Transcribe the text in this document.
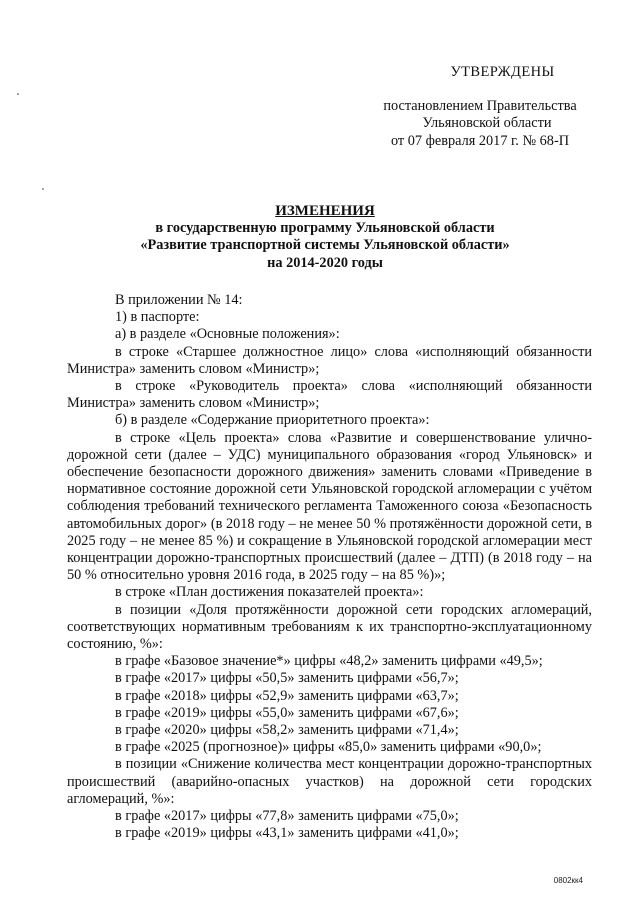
УТВЕРЖДЕНЫ
постановлением Правительства
Ульяновской области
от 07 февраля 2017 г. № 68-П
ИЗМЕНЕНИЯ
в государственную программу Ульяновской области
«Развитие транспортной системы Ульяновской области»
на 2014-2020 годы
В приложении № 14:
1) в паспорте:
а) в разделе «Основные положения»:
в строке «Старшее должностное лицо» слова «исполняющий обязанности Министра» заменить словом «Министр»;
в строке «Руководитель проекта» слова «исполняющий обязанности Министра» заменить словом «Министр»;
б) в разделе «Содержание приоритетного проекта»:
в строке «Цель проекта» слова «Развитие и совершенствование улично-дорожной сети (далее – УДС) муниципального образования «город Ульяновск» и обеспечение безопасности дорожного движения» заменить словами «Приведение в нормативное состояние дорожной сети Ульяновской городской агломерации с учётом соблюдения требований технического регламента Таможенного союза «Безопасность автомобильных дорог» (в 2018 году – не менее 50 % протяжённости дорожной сети, в 2025 году – не менее 85 %) и сокращение в Ульяновской городской агломерации мест концентрации дорожно-транспортных происшествий (далее – ДТП) (в 2018 году – на 50 % относительно уровня 2016 года, в 2025 году – на 85 %)»;
в строке «План достижения показателей проекта»:
в позиции «Доля протяжённости дорожной сети городских агломераций, соответствующих нормативным требованиям к их транспортно-эксплуатационному состоянию, %»:
в графе «Базовое значение*» цифры «48,2» заменить цифрами «49,5»;
в графе «2017» цифры «50,5» заменить цифрами «56,7»;
в графе «2018» цифры «52,9» заменить цифрами «63,7»;
в графе «2019» цифры «55,0» заменить цифрами «67,6»;
в графе «2020» цифры «58,2» заменить цифрами «71,4»;
в графе «2025 (прогнозное)» цифры «85,0» заменить цифрами «90,0»;
в позиции «Снижение количества мест концентрации дорожно-транспортных происшествий (аварийно-опасных участков) на дорожной сети городских агломераций, %»:
в графе «2017» цифры «77,8» заменить цифрами «75,0»;
в графе «2019» цифры «43,1» заменить цифрами «41,0»;
0802кк4
